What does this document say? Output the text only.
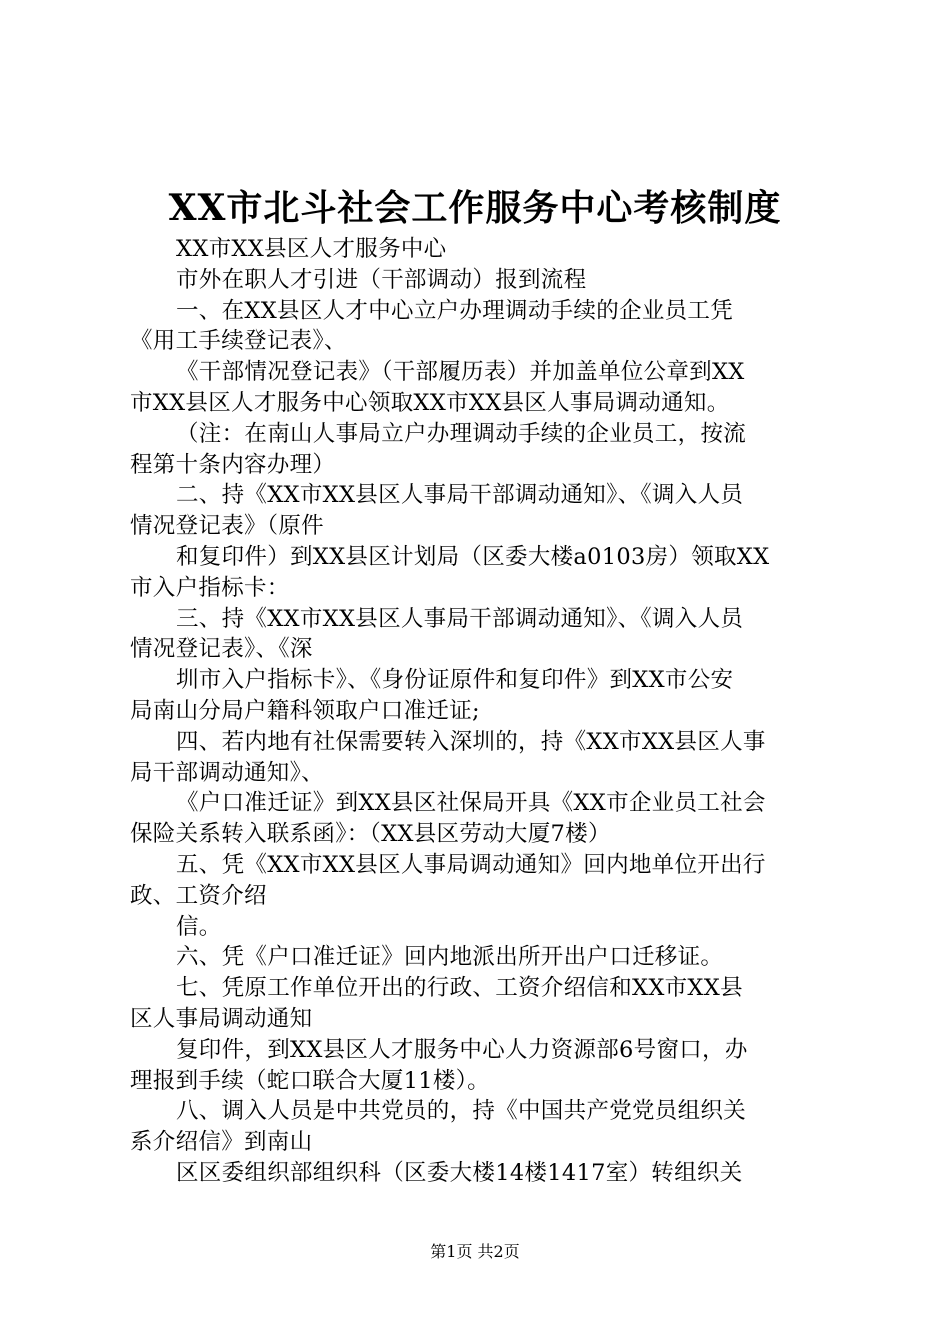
XX市北斗社会工作服务中心考核制度
XX市XX县区人才服务中心
市外在职人才引进（干部调动）报到流程
一、在XX县区人才中心立户办理调动手续的企业员工凭
《用工手续登记表》、
《干部情况登记表》（干部履历表）并加盖单位公章到XX
市XX县区人才服务中心领取XX市XX县区人事局调动通知。
（注：在南山人事局立户办理调动手续的企业员工，按流
程第十条内容办理）
二、持《XX市XX县区人事局干部调动通知》、《调入人员
情况登记表》（原件
和复印件）到XX县区计划局（区委大楼a0103房）领取XX
市入户指标卡：
三、持《XX市XX县区人事局干部调动通知》、《调入人员
情况登记表》、《深
圳市入户指标卡》、《身份证原件和复印件》到XX市公安
局南山分局户籍科领取户口准迁证;
四、若内地有社保需要转入深圳的，持《XX市XX县区人事
局干部调动通知》、
《户口准迁证》到XX县区社保局开具《XX市企业员工社会
保险关系转入联系函》：（XX县区劳动大厦7楼）
五、凭《XX市XX县区人事局调动通知》回内地单位开出行
政、工资介绍
信。
六、凭《户口准迁证》回内地派出所开出户口迁移证。
七、凭原工作单位开出的行政、工资介绍信和XX市XX县
区人事局调动通知
复印件，到XX县区人才服务中心人力资源部6号窗口，办
理报到手续（蛇口联合大厦11楼）。
八、调入人员是中共党员的，持《中国共产党党员组织关
系介绍信》到南山
区区委组织部组织科（区委大楼14楼1417室）转组织关
第1页 共2页
